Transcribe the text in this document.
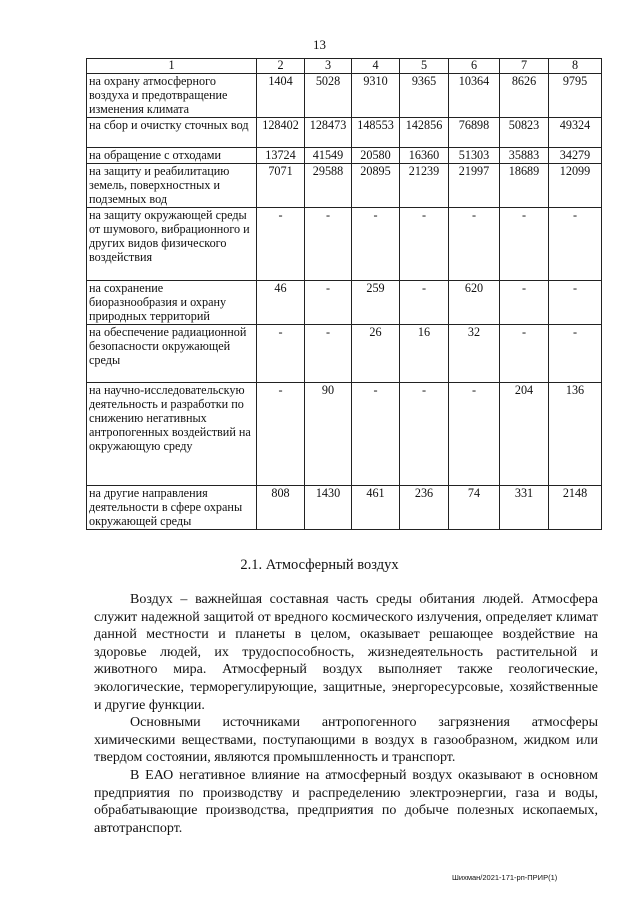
13
1	2	3	4	5	6	7	8
на охрану атмосферного воздуха и предотвращение изменения климата	1404	5028	9310	9365	10364	8626	9795
на сбор и очистку сточных вод	128402	128473	148553	142856	76898	50823	49324
на обращение с отходами	13724	41549	20580	16360	51303	35883	34279
на защиту и реабилитацию земель, поверхностных и подземных вод	7071	29588	20895	21239	21997	18689	12099
на защиту окружающей среды от шумового, вибрационного и других видов физического воздействия	-	-	-	-	-	-	-
на сохранение биоразнообразия и охрану природных территорий	46	-	259	-	620	-	-
на обеспечение радиационной безопасности окружающей среды	-	-	26	16	32	-	-
на научно-исследовательскую деятельность и разработки по снижению негативных антропогенных воздействий на окружающую среду	-	90	-	-	-	204	136
на другие направления деятельности в сфере охраны окружающей среды	808	1430	461	236	74	331	2148
2.1. Атмосферный воздух

Воздух – важнейшая составная часть среды обитания людей. Атмосфера служит надежной защитой от вредного космического излучения, определяет климат данной местности и планеты в целом, оказывает решающее воздействие на здоровье людей, их трудоспособность, жизнедеятельность растительной и животного мира. Атмосферный воздух выполняет также геологические, экологические, терморегулирующие, защитные, энергоресурсовые, хозяйственные и другие функции.

Основными источниками антропогенного загрязнения атмосферы химическими веществами, поступающими в воздух в газообразном, жидком или твердом состоянии, являются промышленность и транспорт.

В ЕАО негативное влияние на атмосферный воздух оказывают в основном предприятия по производству и распределению электроэнергии, газа и воды, обрабатывающие производства, предприятия по добыче полезных ископаемых, автотранспорт.

Шихман/2021-171-рп-ПРИР(1)
